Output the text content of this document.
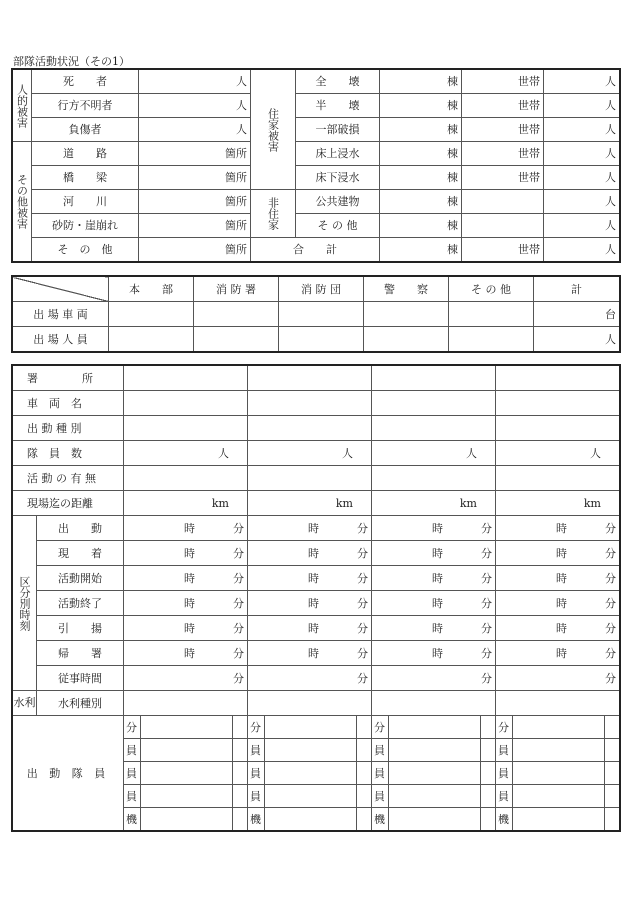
部隊活動状況（その1）
人的被害	死　　者	人	住家被害	全　　壊	棟	世帯	人
	行方不明者	人		半　　壊	棟	世帯	人
	負傷者	人		一部破損	棟	世帯	人
その他被害	道　　路	箇所		床上浸水	棟	世帯	人
	橋　　梁	箇所		床下浸水	棟	世帯	人
	河　　川	箇所	非住家	公共建物	棟		人
	砂防・崖崩れ	箇所		そ の 他	棟		人
	そ　の　他	箇所	合　　計		棟	世帯	人
	本　　部	消 防 署	消 防 団	警　　察	そ の 他	計
出 場 車 両						台
出 場 人 員						人
署　　　　所									
車　両　名									
出 動 種 別									
隊　員　数		人		人		人		人	
活 動 の 有 無									
現場迄の距離		km		km		km		km	
区分別時刻	出　　動	時 分		時 分		時 分		時 分	
	現　　着	時 分		時 分		時 分		時 分	
	活動開始	時 分		時 分		時 分		時 分	
	活動終了	時 分		時 分		時 分		時 分	
	引　　揚	時 分		時 分		時 分		時 分	
	帰　　署	時 分		時 分		時 分		時 分	
	従事時間	分		分		分		分	
水利	水利種別								
出 動 隊 員		分		分		分		分	

		員		員		員		員	

		員		員		員		員	

		員		員		員		員	

		機		機		機		機	
